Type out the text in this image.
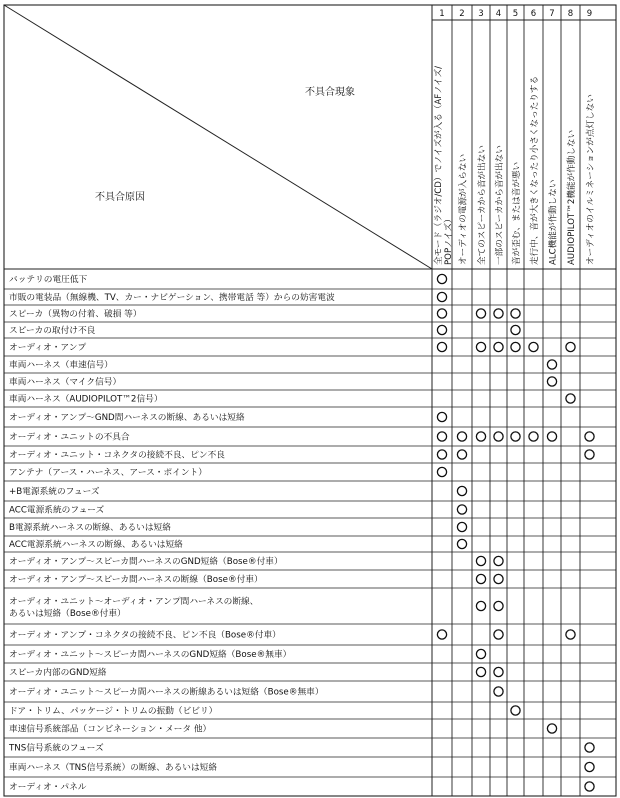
不具合現象
不具合原因
1
全モード（ラジオ/CD）でノイズが入る（AFノイズ/ POPノイズ）
2
オーディオの電源が入らない
3
全てのスピーカから音が出ない
4
一部のスピーカから音が出ない
5
音が歪む、または音が悪い
6
走行中、音が大きくなったり小さくなったりする
7
ALC機能が作動しない
8
AUDIOPILOT™2機能が作動しない
9
オーディオのイルミネーションが点灯しない
バッテリの電圧低下
市販の電装品（無線機、TV、カー・ナビゲーション、携帯電話 等）からの妨害電波
スピーカ（異物の付着、破損 等）
スピーカの取付け不良
オーディオ・アンプ
車両ハーネス（車速信号）
車両ハーネス（マイク信号）
車両ハーネス（AUDIOPILOT™2信号）
オーディオ・アンプ～GND間ハーネスの断線、あるいは短絡
オーディオ・ユニットの不具合
オーディオ・ユニット・コネクタの接続不良、ピン不良
アンテナ（アース・ハーネス、アース・ポイント）
+B電源系統のフューズ
ACC電源系統のフューズ
B電源系統ハーネスの断線、あるいは短絡
ACC電源系統ハーネスの断線、あるいは短絡
オーディオ・アンプ～スピーカ間ハーネスのGND短絡（Bose®付車）
オーディオ・アンプ～スピーカ間ハーネスの断線（Bose®付車）
オーディオ・ユニット～オーディオ・アンプ間ハーネスの断線、
あるいは短絡（Bose®付車）
オーディオ・アンプ・コネクタの接続不良、ピン不良（Bose®付車）
オーディオ・ユニット～スピーカ間ハーネスのGND短絡（Bose®無車）
スピーカ内部のGND短絡
オーディオ・ユニット～スピーカ間ハーネスの断線あるいは短絡（Bose®無車）
ドア・トリム、パッケージ・トリムの振動（ビビリ）
車速信号系統部品（コンビネーション・メータ 他）
TNS信号系統のフューズ
車両ハーネス（TNS信号系統）の断線、あるいは短絡
オーディオ・パネル
